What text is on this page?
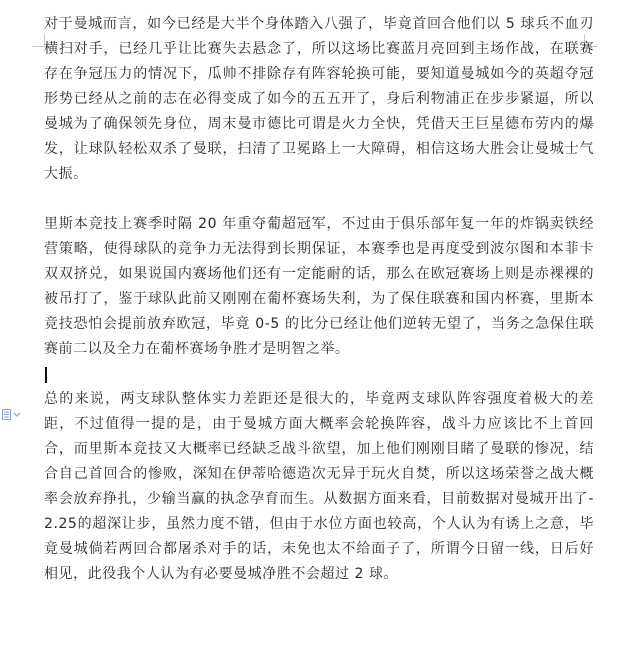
对于曼城而言，如今已经是大半个身体踏入八强了，毕竟首回合他们以 5 球兵不血刃横扫对手，已经几乎让比赛失去悬念了，所以这场比赛蓝月亮回到主场作战，在联赛存在争冠压力的情况下，瓜帅不排除存有阵容轮换可能，要知道曼城如今的英超夺冠形势已经从之前的志在必得变成了如今的五五开了，身后利物浦正在步步紧逼，所以曼城为了确保领先身位，周末曼市德比可谓是火力全快，凭借天王巨星德布劳内的爆发，让球队轻松双杀了曼联，扫清了卫冕路上一大障碍，相信这场大胜会让曼城士气大振。

里斯本竞技上赛季时隔 20 年重夺葡超冠军，不过由于俱乐部年复一年的炸锅卖铁经营策略，使得球队的竞争力无法得到长期保证，本赛季也是再度受到波尔图和本菲卡双双挤兑，如果说国内赛场他们还有一定能耐的话，那么在欧冠赛场上则是赤裸裸的被吊打了，鉴于球队此前又刚刚在葡杯赛场失利，为了保住联赛和国内杯赛，里斯本竞技恐怕会提前放弃欧冠，毕竟 0-5 的比分已经让他们逆转无望了，当务之急保住联赛前二以及全力在葡杯赛场争胜才是明智之举。

总的来说，两支球队整体实力差距还是很大的，毕竟两支球队阵容强度着极大的差距，不过值得一提的是，由于曼城方面大概率会轮换阵容，战斗力应该比不上首回合，而里斯本竞技又大概率已经缺乏战斗欲望，加上他们刚刚目睹了曼联的惨况，结合自己首回合的惨败，深知在伊蒂哈德造次无异于玩火自焚，所以这场荣誉之战大概率会放弃挣扎，少输当赢的执念孕育而生。从数据方面来看，目前数据对曼城开出了-2.25的超深让步，虽然力度不错，但由于水位方面也较高，个人认为有诱上之意，毕竟曼城倘若两回合都屠杀对手的话，未免也太不给面子了，所谓今日留一线，日后好相见，此役我个人认为有必要曼城净胜不会超过 2 球。
